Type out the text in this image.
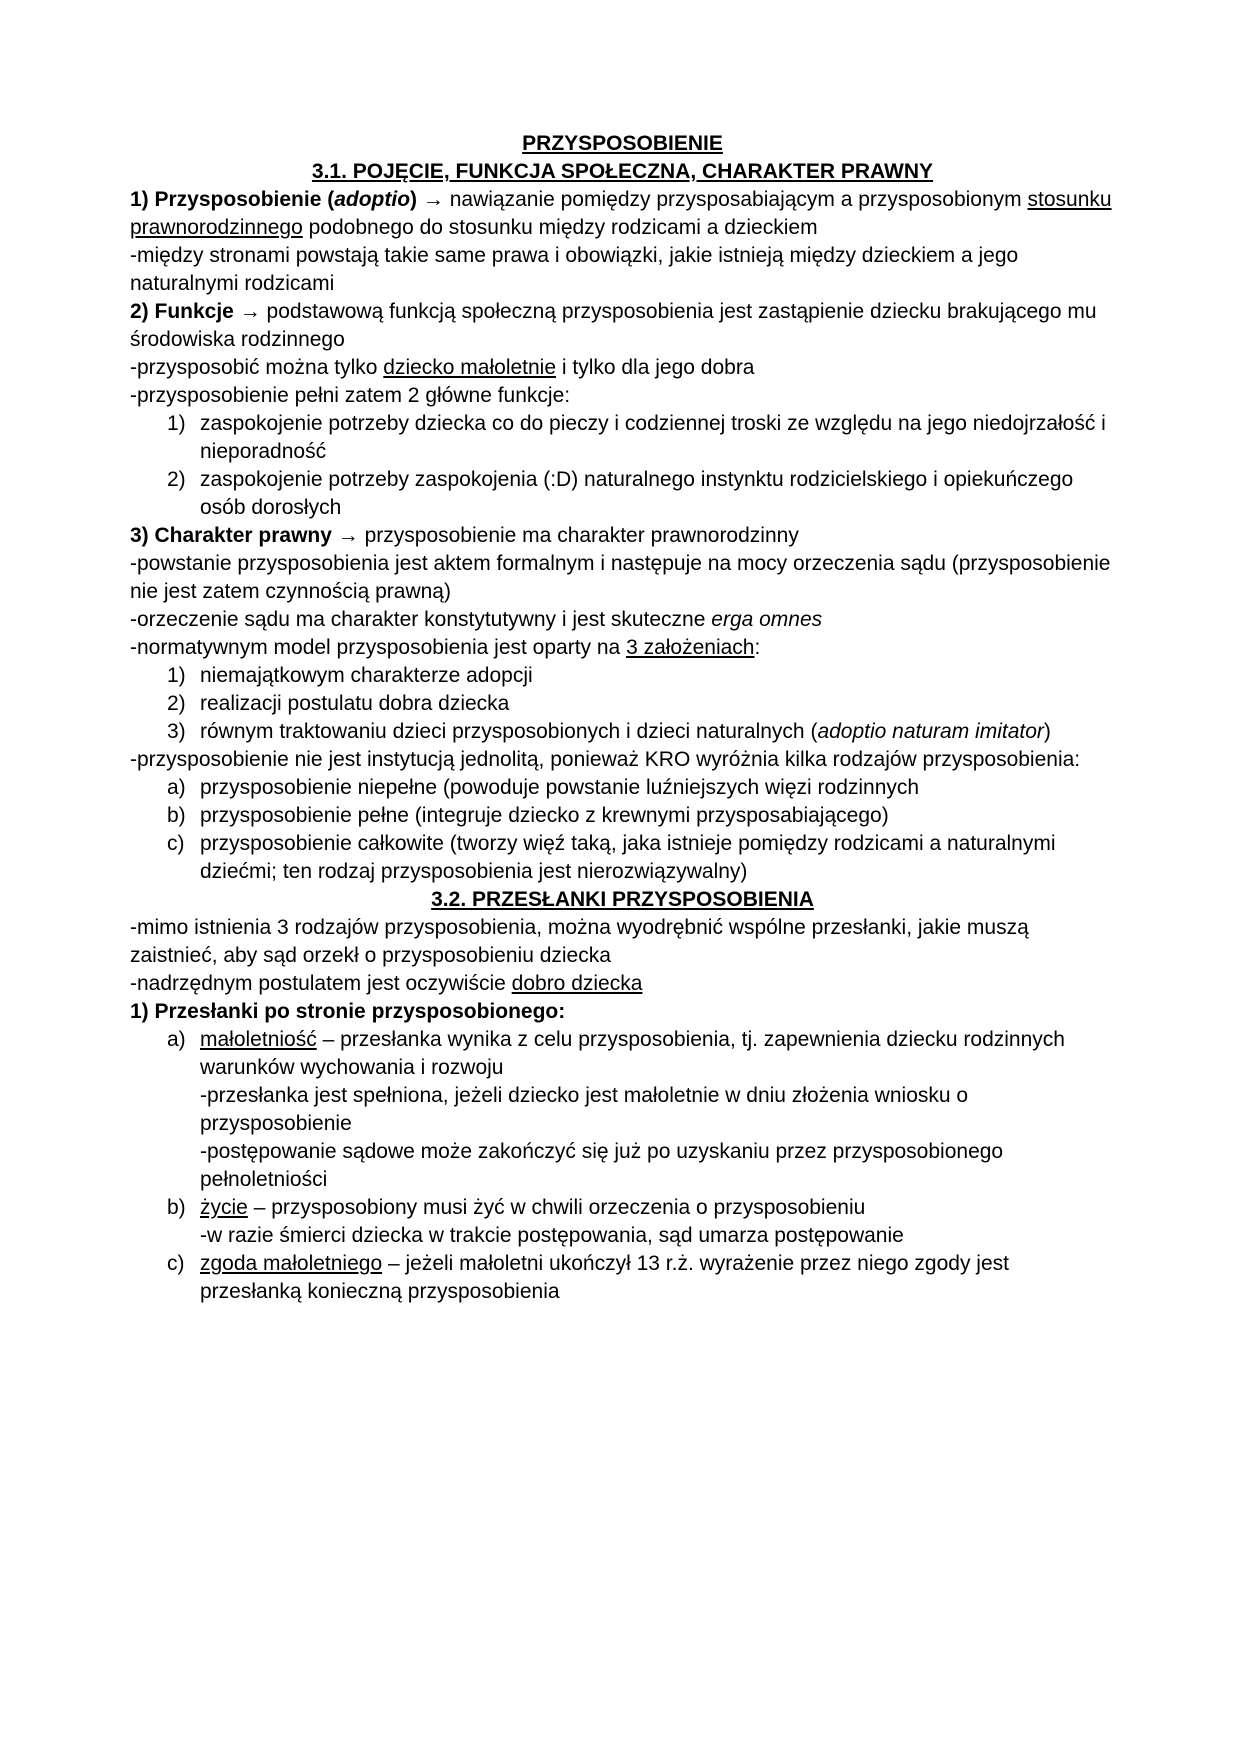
PRZYSPOSOBIENIE
3.1. POJĘCIE, FUNKCJA SPOŁECZNA, CHARAKTER PRAWNY
1) Przysposobienie (adoptio) → nawiązanie pomiędzy przysposabiającym a przysposobionym stosunku prawnorodzinnego podobnego do stosunku między rodzicami a dzieckiem
-między stronami powstają takie same prawa i obowiązki, jakie istnieją między dzieckiem a jego naturalnymi rodzicami
2) Funkcje → podstawową funkcją społeczną przysposobienia jest zastąpienie dziecku brakującego mu środowiska rodzinnego
-przysposobić można tylko dziecko małoletnie i tylko dla jego dobra
-przysposobienie pełni zatem 2 główne funkcje:
1) zaspokojenie potrzeby dziecka co do pieczy i codziennej troski ze względu na jego niedojrzałość i nieporadność
2) zaspokojenie potrzeby zaspokojenia (:D) naturalnego instynktu rodzicielskiego i opiekuńczego osób dorosłych
3) Charakter prawny → przysposobienie ma charakter prawnorodzinny
-powstanie przysposobienia jest aktem formalnym i następuje na mocy orzeczenia sądu (przysposobienie nie jest zatem czynnością prawną)
-orzeczenie sądu ma charakter konstytutywny i jest skuteczne erga omnes
-normatywnym model przysposobienia jest oparty na 3 założeniach:
1) niemajątkowym charakterze adopcji
2) realizacji postulatu dobra dziecka
3) równym traktowaniu dzieci przysposobionych i dzieci naturalnych (adoptio naturam imitator)
-przysposobienie nie jest instytucją jednolitą, ponieważ KRO wyróżnia kilka rodzajów przysposobienia:
a) przysposobienie niepełne (powoduje powstanie luźniejszych więzi rodzinnych
b) przysposobienie pełne (integruje dziecko z krewnymi przysposabiającego)
c) przysposobienie całkowite (tworzy więź taką, jaka istnieje pomiędzy rodzicami a naturalnymi dziećmi; ten rodzaj przysposobienia jest nierozwiązywalny)
3.2. PRZESŁANKI PRZYSPOSOBIENIA
-mimo istnienia 3 rodzajów przysposobienia, można wyodrębnić wspólne przesłanki, jakie muszą zaistnieć, aby sąd orzekł o przysposobieniu dziecka
-nadrzędnym postulatem jest oczywiście dobro dziecka
1) Przesłanki po stronie przysposobionego:
a) małoletniość – przesłanka wynika z celu przysposobienia, tj. zapewnienia dziecku rodzinnych warunków wychowania i rozwoju
-przesłanka jest spełniona, jeżeli dziecko jest małoletnie w dniu złożenia wniosku o przysposobienie
-postępowanie sądowe może zakończyć się już po uzyskaniu przez przysposobionego pełnoletniości
b) życie – przysposobiony musi żyć w chwili orzeczenia o przysposobieniu
-w razie śmierci dziecka w trakcie postępowania, sąd umarza postępowanie
c) zgoda małoletniego – jeżeli małoletni ukończył 13 r.ż. wyrażenie przez niego zgody jest przesłanką konieczną przysposobienia
